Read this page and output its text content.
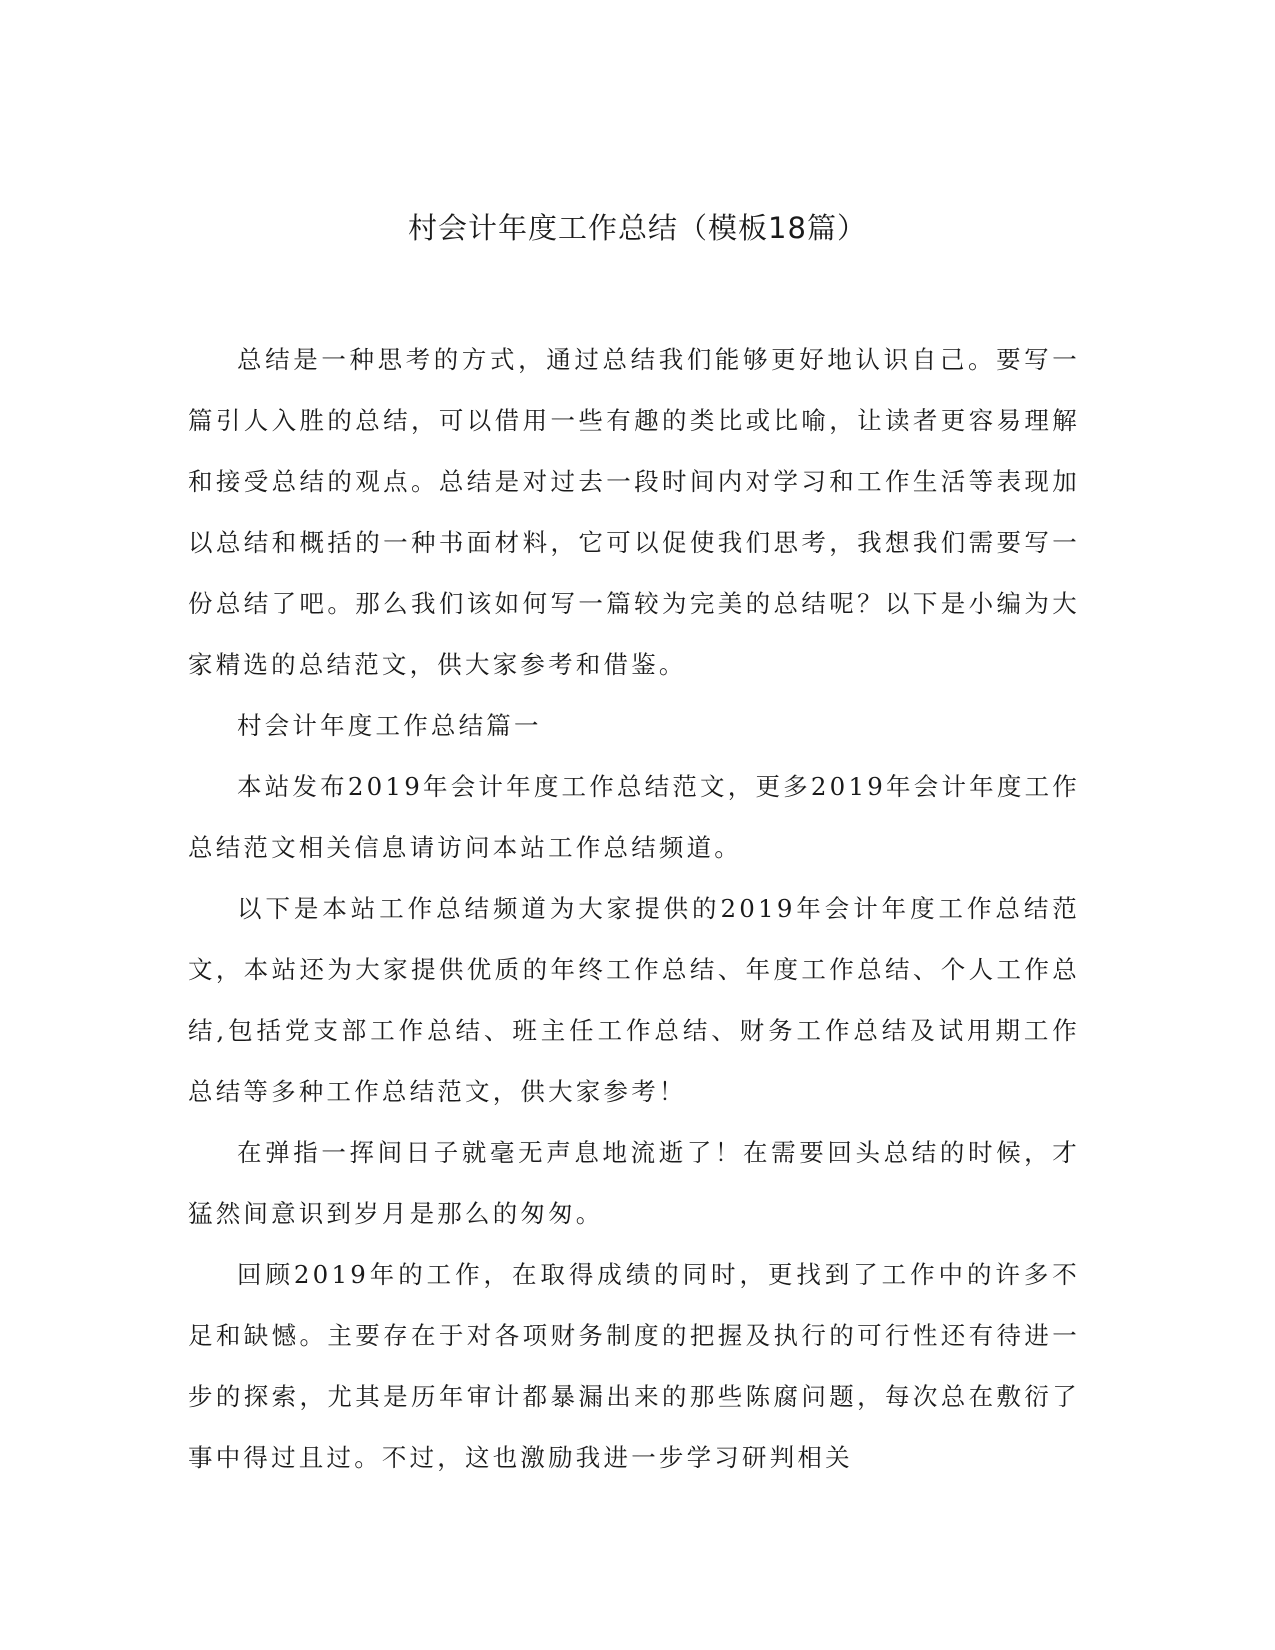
村会计年度工作总结（模板18篇）

总结是一种思考的方式，通过总结我们能够更好地认识自己。要写一篇引人入胜的总结，可以借用一些有趣的类比或比喻，让读者更容易理解和接受总结的观点。总结是对过去一段时间内对学习和工作生活等表现加以总结和概括的一种书面材料，它可以促使我们思考，我想我们需要写一份总结了吧。那么我们该如何写一篇较为完美的总结呢？以下是小编为大家精选的总结范文，供大家参考和借鉴。

村会计年度工作总结篇一

本站发布2019年会计年度工作总结范文，更多2019年会计年度工作总结范文相关信息请访问本站工作总结频道。

以下是本站工作总结频道为大家提供的2019年会计年度工作总结范文，本站还为大家提供优质的年终工作总结、年度工作总结、个人工作总结,包括党支部工作总结、班主任工作总结、财务工作总结及试用期工作总结等多种工作总结范文，供大家参考！

在弹指一挥间日子就毫无声息地流逝了！在需要回头总结的时候，才猛然间意识到岁月是那么的匆匆。

回顾2019年的工作，在取得成绩的同时，更找到了工作中的许多不足和缺憾。主要存在于对各项财务制度的把握及执行的可行性还有待进一步的探索，尤其是历年审计都暴漏出来的那些陈腐问题，每次总在敷衍了事中得过且过。不过，这也激励我进一步学习研判相关
